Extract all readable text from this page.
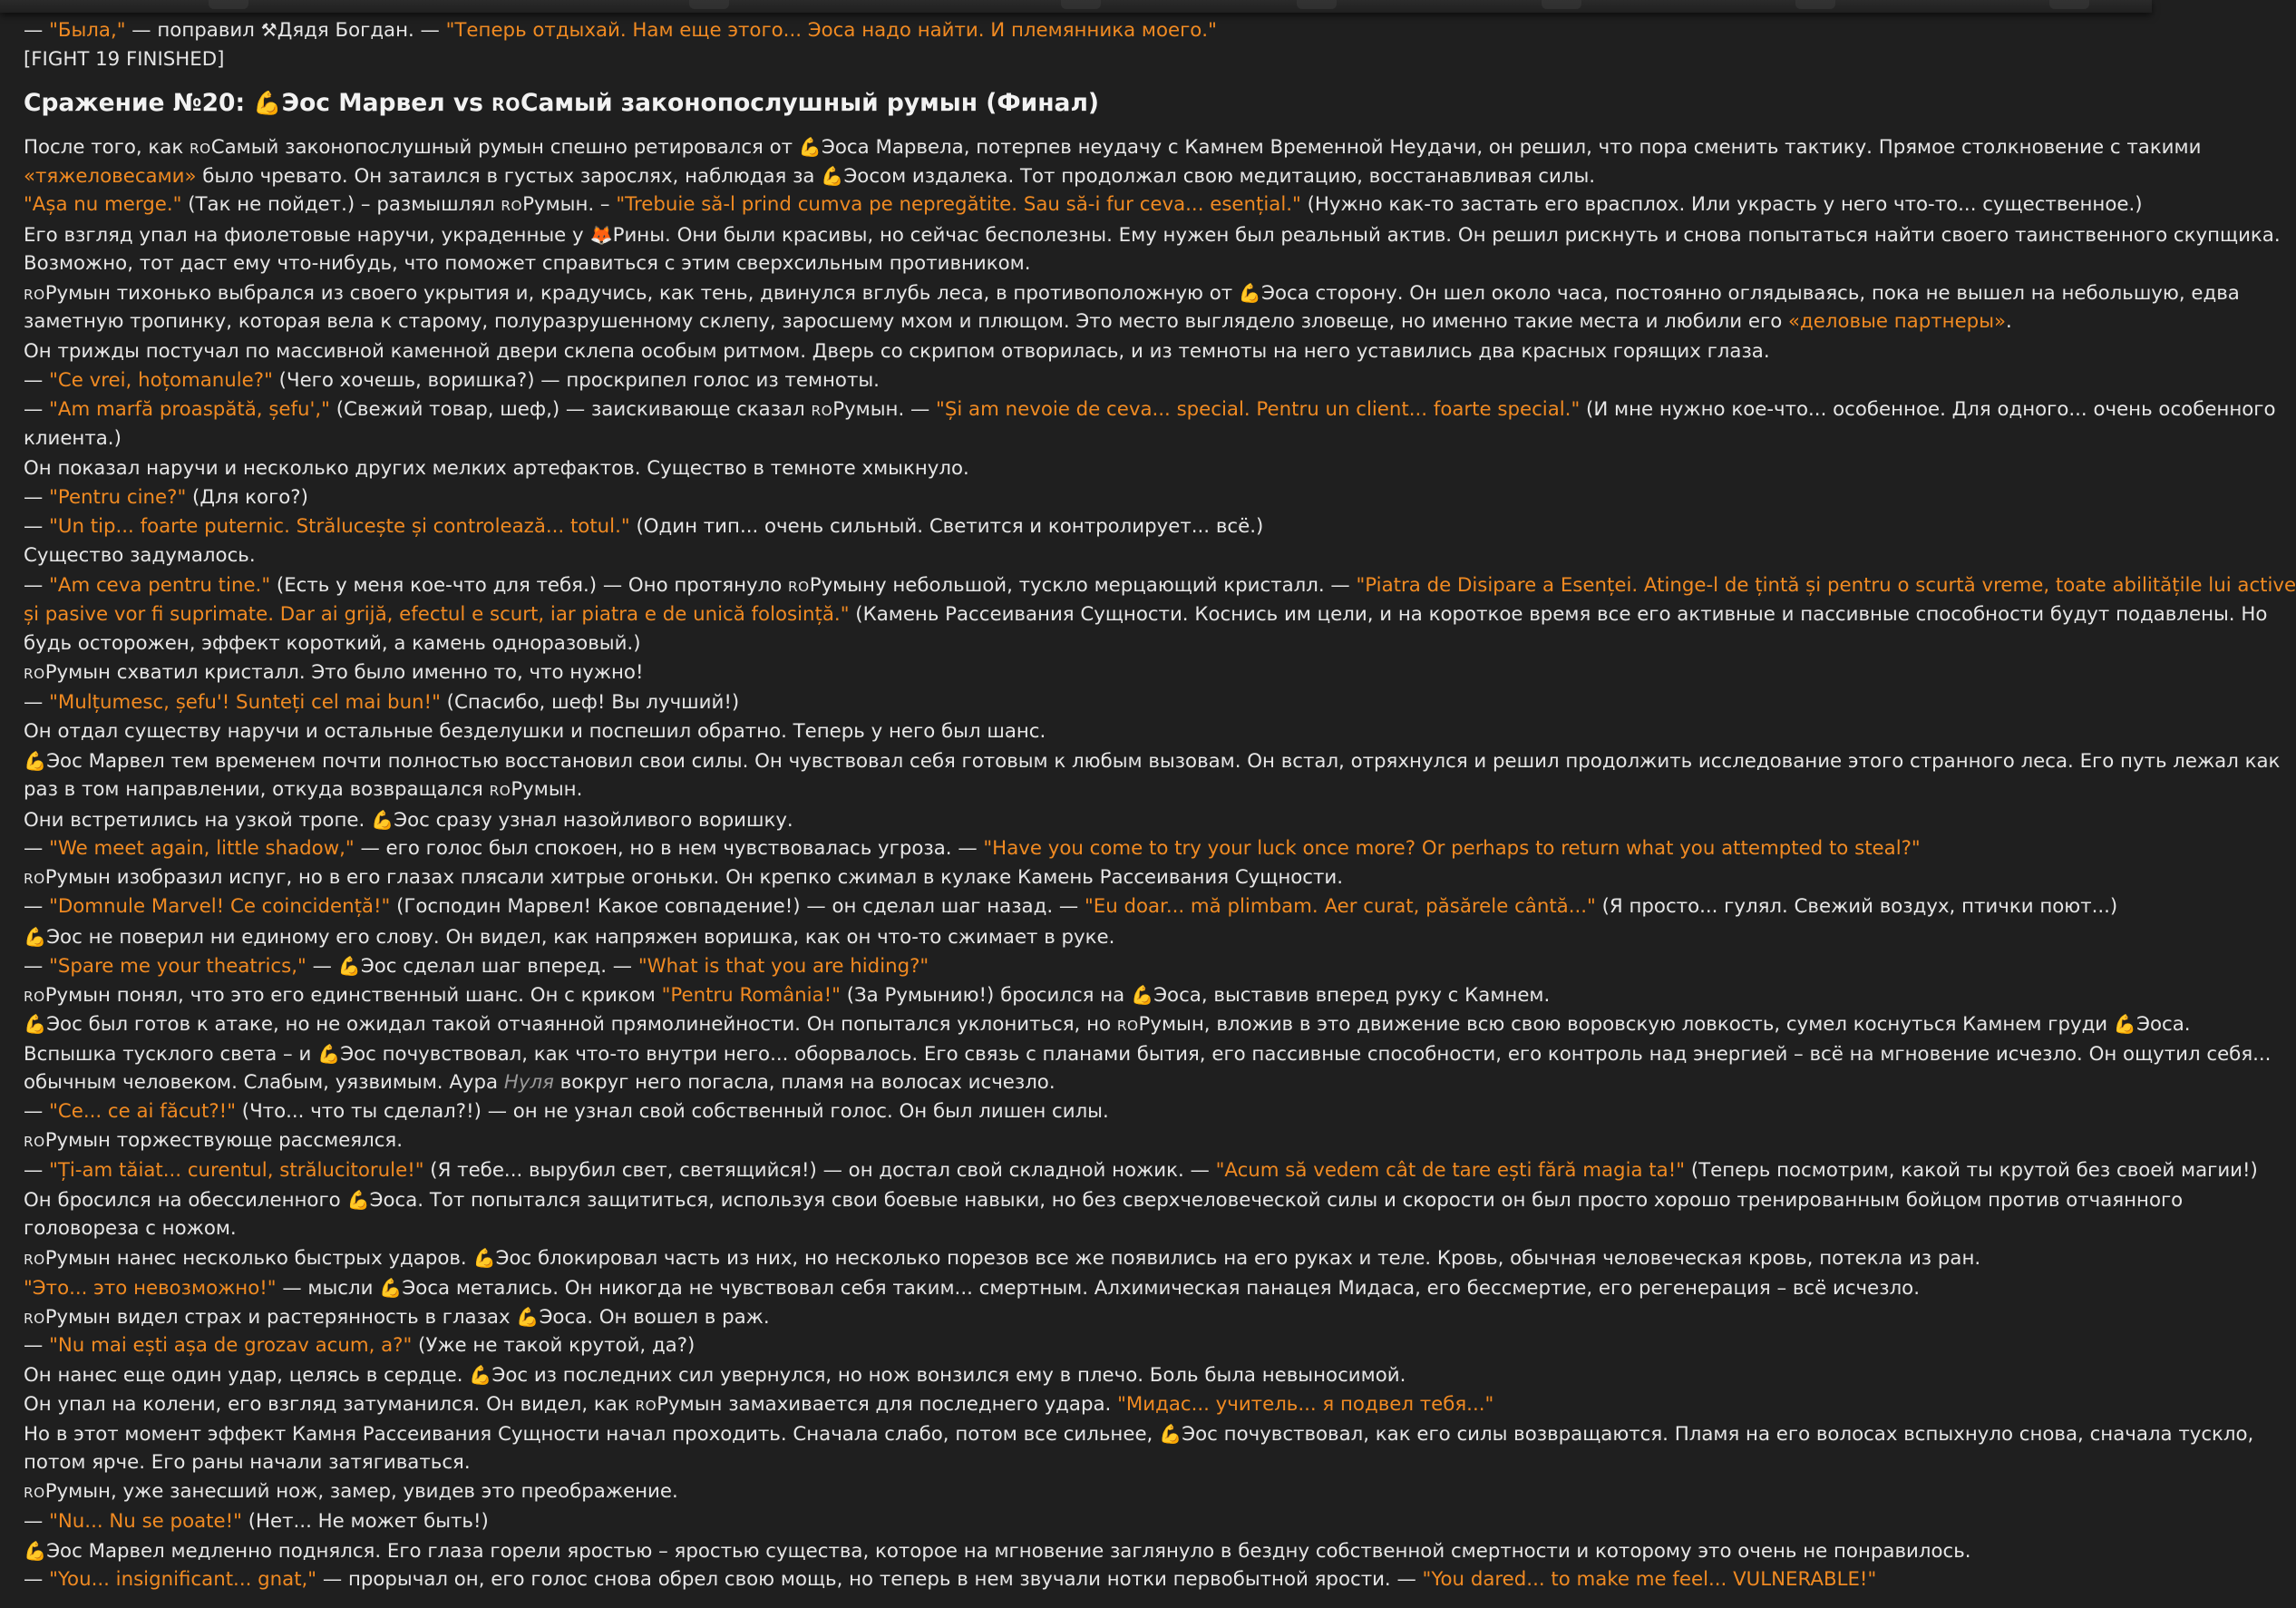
— "Была," — поправил ⚒Дядя Богдан. — "Теперь отдыхай. Нам еще этого... Эоса надо найти. И племянника моего."
[FIGHT 19 FINISHED]
Сражение №20: 💪Эос Марвел vs ROСамый законопослушный румын (Финал)
После того, как ROСамый законопослушный румын спешно ретировался от 💪Эоса Марвела, потерпев неудачу с Камнем Временной Неудачи, он решил, что пора сменить тактику. Прямое столкновение с такими
«тяжеловесами» было чревато. Он затаился в густых зарослях, наблюдая за 💪Эосом издалека. Тот продолжал свою медитацию, восстанавливая силы.
"Așa nu merge." (Так не пойдет.) – размышлял ROРумын. – "Trebuie să-l prind cumva pe nepregătite. Sau să-i fur ceva... esențial." (Нужно как-то застать его врасплох. Или украсть у него что-то... существенное.)
Его взгляд упал на фиолетовые наручи, украденные у 🦊Рины. Они были красивы, но сейчас бесполезны. Ему нужен был реальный актив. Он решил рискнуть и снова попытаться найти своего таинственного скупщика.
Возможно, тот даст ему что-нибудь, что поможет справиться с этим сверхсильным противником.
ROРумын тихонько выбрался из своего укрытия и, крадучись, как тень, двинулся вглубь леса, в противоположную от 💪Эоса сторону. Он шел около часа, постоянно оглядываясь, пока не вышел на небольшую, едва
заметную тропинку, которая вела к старому, полуразрушенному склепу, заросшему мхом и плющом. Это место выглядело зловеще, но именно такие места и любили его «деловые партнеры».
Он трижды постучал по массивной каменной двери склепа особым ритмом. Дверь со скрипом отворилась, и из темноты на него уставились два красных горящих глаза.
— "Ce vrei, hoțomanule?" (Чего хочешь, воришка?) — проскрипел голос из темноты.
— "Am marfă proaspătă, șefu'," (Свежий товар, шеф,) — заискивающе сказал ROРумын. — "Și am nevoie de ceva... special. Pentru un client... foarte special." (И мне нужно кое-что... особенное. Для одного... очень особенного
клиента.)
Он показал наручи и несколько других мелких артефактов. Существо в темноте хмыкнуло.
— "Pentru cine?" (Для кого?)
— "Un tip... foarte puternic. Strălucește și controlează... totul." (Один тип... очень сильный. Светится и контролирует... всё.)
Существо задумалось.
— "Am ceva pentru tine." (Есть у меня кое-что для тебя.) — Оно протянуло ROРумыну небольшой, тускло мерцающий кристалл. — "Piatra de Disipare a Esenței. Atinge-l de țintă și pentru o scurtă vreme, toate abilitățile lui active
și pasive vor fi suprimate. Dar ai grijă, efectul e scurt, iar piatra e de unică folosință." (Камень Рассеивания Сущности. Коснись им цели, и на короткое время все его активные и пассивные способности будут подавлены. Но
будь осторожен, эффект короткий, а камень одноразовый.)
ROРумын схватил кристалл. Это было именно то, что нужно!
— "Mulțumesc, șefu'! Sunteți cel mai bun!" (Спасибо, шеф! Вы лучший!)
Он отдал существу наручи и остальные безделушки и поспешил обратно. Теперь у него был шанс.
💪Эос Марвел тем временем почти полностью восстановил свои силы. Он чувствовал себя готовым к любым вызовам. Он встал, отряхнулся и решил продолжить исследование этого странного леса. Его путь лежал как
раз в том направлении, откуда возвращался ROРумын.
Они встретились на узкой тропе. 💪Эос сразу узнал назойливого воришку.
— "We meet again, little shadow," — его голос был спокоен, но в нем чувствовалась угроза. — "Have you come to try your luck once more? Or perhaps to return what you attempted to steal?"
ROРумын изобразил испуг, но в его глазах плясали хитрые огоньки. Он крепко сжимал в кулаке Камень Рассеивания Сущности.
— "Domnule Marvel! Ce coincidență!" (Господин Марвел! Какое совпадение!) — он сделал шаг назад. — "Eu doar... mă plimbam. Aer curat, păsărele cântă..." (Я просто... гулял. Свежий воздух, птички поют...)
💪Эос не поверил ни единому его слову. Он видел, как напряжен воришка, как он что-то сжимает в руке.
— "Spare me your theatrics," — 💪Эос сделал шаг вперед. — "What is that you are hiding?"
ROРумын понял, что это его единственный шанс. Он с криком "Pentru România!" (За Румынию!) бросился на 💪Эоса, выставив вперед руку с Камнем.
💪Эос был готов к атаке, но не ожидал такой отчаянной прямолинейности. Он попытался уклониться, но ROРумын, вложив в это движение всю свою воровскую ловкость, сумел коснуться Камнем груди 💪Эоса.
Вспышка тусклого света – и 💪Эос почувствовал, как что-то внутри него... оборвалось. Его связь с планами бытия, его пассивные способности, его контроль над энергией – всё на мгновение исчезло. Он ощутил себя...
обычным человеком. Слабым, уязвимым. Аура Нуля вокруг него погасла, пламя на волосах исчезло.
— "Ce... ce ai făcut?!" (Что... что ты сделал?!) — он не узнал свой собственный голос. Он был лишен силы.
ROРумын торжествующе рассмеялся.
— "Ți-am tăiat... curentul, strălucitorule!" (Я тебе... вырубил свет, светящийся!) — он достал свой складной ножик. — "Acum să vedem cât de tare ești fără magia ta!" (Теперь посмотрим, какой ты крутой без своей магии!)
Он бросился на обессиленного 💪Эоса. Тот попытался защититься, используя свои боевые навыки, но без сверхчеловеческой силы и скорости он был просто хорошо тренированным бойцом против отчаянного
головореза с ножом.
ROРумын нанес несколько быстрых ударов. 💪Эос блокировал часть из них, но несколько порезов все же появились на его руках и теле. Кровь, обычная человеческая кровь, потекла из ран.
"Это... это невозможно!" — мысли 💪Эоса метались. Он никогда не чувствовал себя таким... смертным. Алхимическая панацея Мидаса, его бессмертие, его регенерация – всё исчезло.
ROРумын видел страх и растерянность в глазах 💪Эоса. Он вошел в раж.
— "Nu mai ești așa de grozav acum, a?" (Уже не такой крутой, да?)
Он нанес еще один удар, целясь в сердце. 💪Эос из последних сил увернулся, но нож вонзился ему в плечо. Боль была невыносимой.
Он упал на колени, его взгляд затуманился. Он видел, как ROРумын замахивается для последнего удара. "Мидас... учитель... я подвел тебя..."
Но в этот момент эффект Камня Рассеивания Сущности начал проходить. Сначала слабо, потом все сильнее, 💪Эос почувствовал, как его силы возвращаются. Пламя на его волосах вспыхнуло снова, сначала тускло,
потом ярче. Его раны начали затягиваться.
ROРумын, уже занесший нож, замер, увидев это преображение.
— "Nu... Nu se poate!" (Нет... Не может быть!)
💪Эос Марвел медленно поднялся. Его глаза горели яростью – яростью существа, которое на мгновение заглянуло в бездну собственной смертности и которому это очень не понравилось.
— "You... insignificant... gnat," — прорычал он, его голос снова обрел свою мощь, но теперь в нем звучали нотки первобытной ярости. — "You dared... to make me feel... VULNERABLE!"
